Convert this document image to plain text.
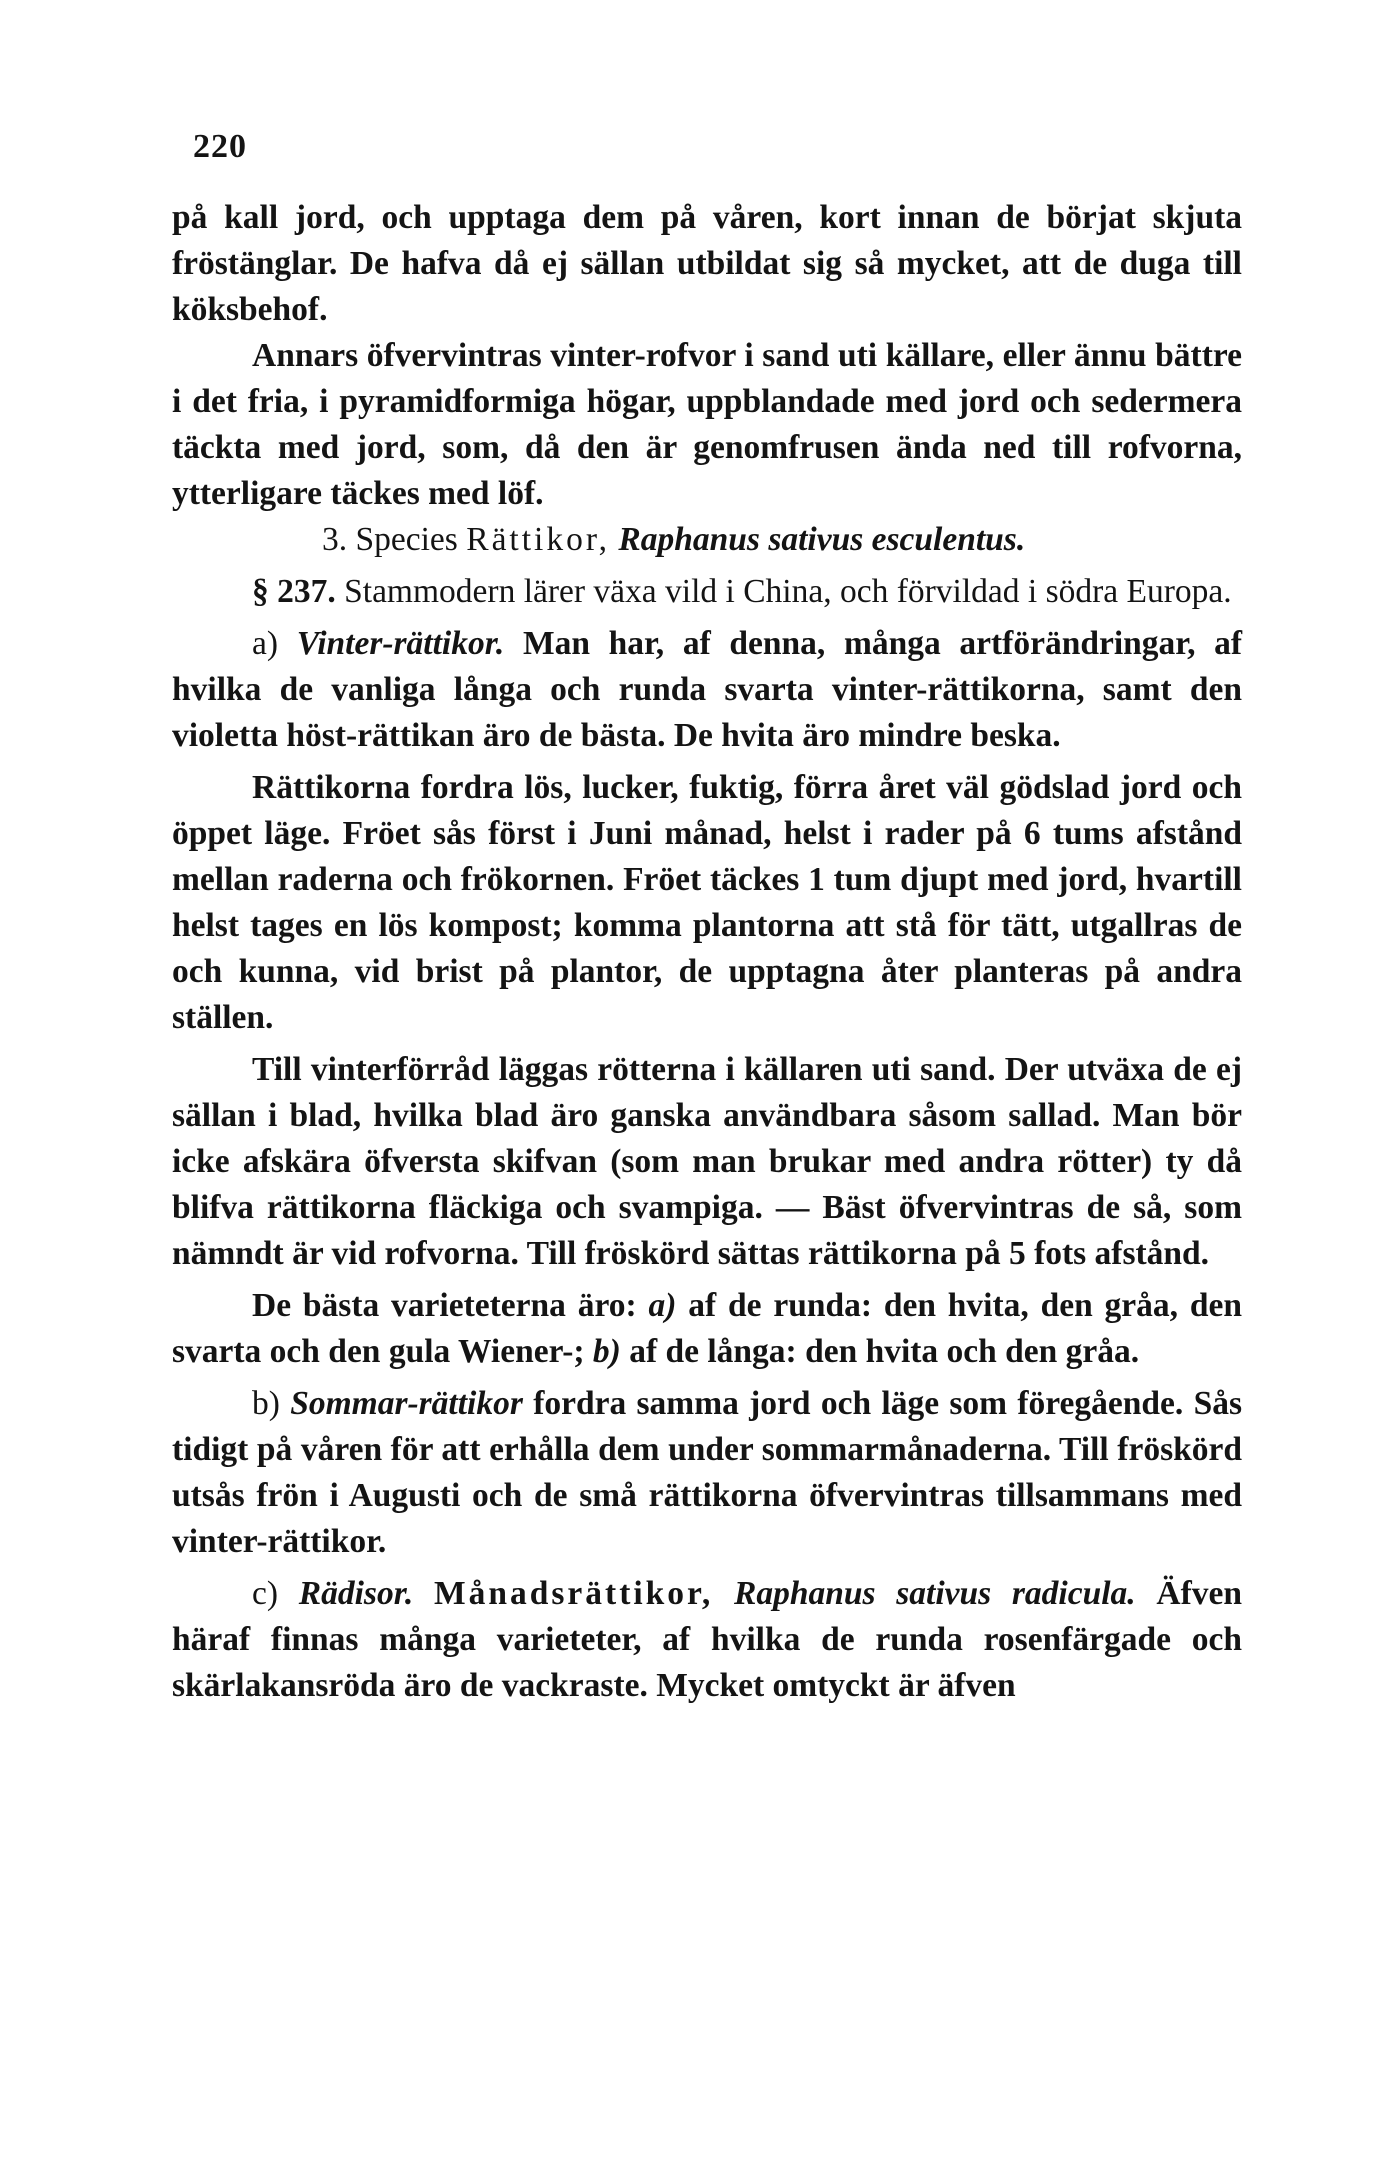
220

på kall jord, och upptaga dem på våren, kort innan de börjat skjuta fröstänglar. De hafva då ej sällan utbildat sig så mycket, att de duga till köksbehof.

Annars öfvervintras vinter-rofvor i sand uti källare, eller ännu bättre i det fria, i pyramidformiga högar, uppblandade med jord och sedermera täckta med jord, som, då den är genomfrusen ända ned till rofvorna, ytterligare täckes med löf.

3. Species Rättikor, Raphanus sativus esculentus.

§ 237. Stammodern lärer växa vild i China, och förvildad i södra Europa.

a) Vinter-rättikor. Man har, af denna, många artförändringar, af hvilka de vanliga långa och runda svarta vinter-rättikorna, samt den violetta höst-rättikan äro de bästa. De hvita äro mindre beska.

Rättikorna fordra lös, lucker, fuktig, förra året väl gödslad jord och öppet läge. Fröet sås först i Juni månad, helst i rader på 6 tums afstånd mellan raderna och frökornen. Fröet täckes 1 tum djupt med jord, hvartill helst tages en lös kompost; komma plantorna att stå för tätt, utgallras de och kunna, vid brist på plantor, de upptagna åter planteras på andra ställen.

Till vinterförråd läggas rötterna i källaren uti sand. Der utväxa de ej sällan i blad, hvilka blad äro ganska användbara såsom sallad. Man bör icke afskära öfversta skifvan (som man brukar med andra rötter) ty då blifva rättikorna fläckiga och svampiga. — Bäst öfvervintras de så, som nämndt är vid rofvorna. Till fröskörd sättas rättikorna på 5 fots afstånd.

De bästa varieteterna äro: a) af de runda: den hvita, den gråa, den svarta och den gula Wiener-; b) af de långa: den hvita och den gråa.

b) Sommar-rättikor fordra samma jord och läge som föregående. Sås tidigt på våren för att erhålla dem under sommarmånaderna. Till fröskörd utsås frön i Augusti och de små rättikorna öfvervintras tillsammans med vinter-rättikor.

c) Rädisor. Månadsrättikor, Raphanus sativus radicula. Äfven häraf finnas många varieteter, af hvilka de runda rosenfärgade och skärlakansröda äro de vackraste. Mycket omtyckt är äfven
